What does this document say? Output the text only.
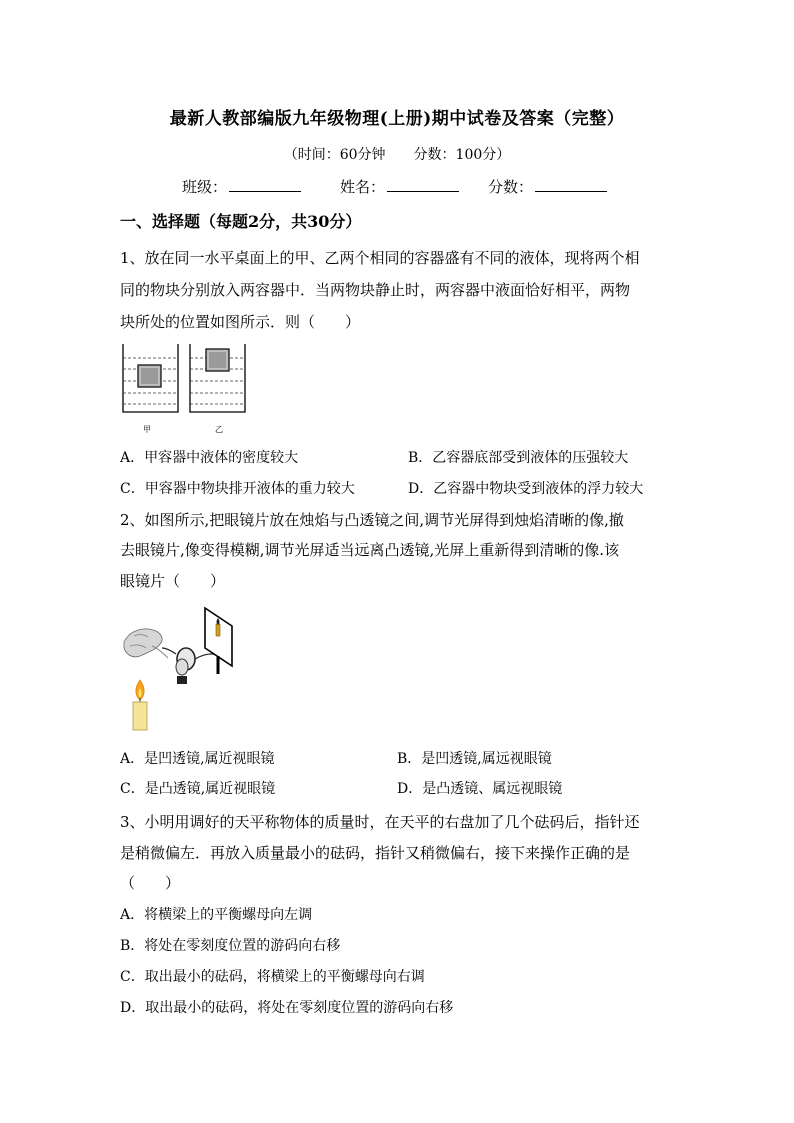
最新人教部编版九年级物理(上册)期中试卷及答案（完整）
（时间：60分钟　　分数：100分）
班级：	姓名：	分数：
一、选择题（每题2分，共30分）
1、放在同一水平桌面上的甲、乙两个相同的容器盛有不同的液体，现将两个相
同的物块分别放入两容器中．当两物块静止时，两容器中液面恰好相平，两物
块所处的位置如图所示．则（　　）
甲	乙
A．甲容器中液体的密度较大	B．乙容器底部受到液体的压强较大
C．甲容器中物块排开液体的重力较大	D．乙容器中物块受到液体的浮力较大
2、如图所示,把眼镜片放在烛焰与凸透镜之间,调节光屏得到烛焰清晰的像,撤
去眼镜片,像变得模糊,调节光屏适当远离凸透镜,光屏上重新得到清晰的像.该
眼镜片（　　）
A．是凹透镜,属近视眼镜	B．是凹透镜,属远视眼镜
C．是凸透镜,属近视眼镜	D．是凸透镜、属远视眼镜
3、小明用调好的天平称物体的质量时，在天平的右盘加了几个砝码后，指针还
是稍微偏左．再放入质量最小的砝码，指针又稍微偏右，接下来操作正确的是
（　　）
A．将横梁上的平衡螺母向左调
B．将处在零刻度位置的游码向右移
C．取出最小的砝码，将横梁上的平衡螺母向右调
D．取出最小的砝码，将处在零刻度位置的游码向右移
